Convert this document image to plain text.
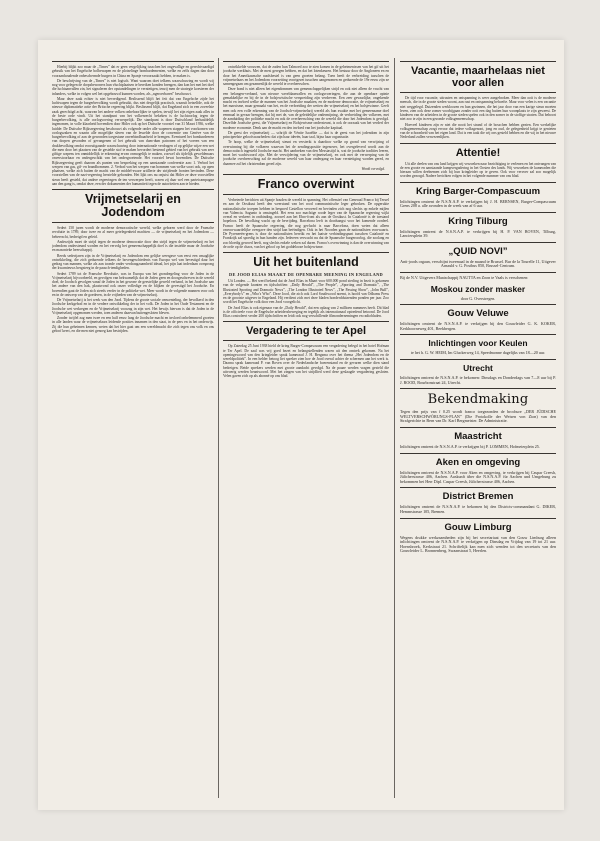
Hierbij blijkt zoo maar de „Times” dat er geen vergelijking tusschen het ongevallige en gerechtvaardigd gebruik van het Engelsche bolbewapen en de plotselinge bombardementen, welke en zelfs dagen dan door vooraanhoudende onbeschermde burgers in China en Spanje veroorzaakt hebben, te maken is.

De beschrijving van de „Times” is niet logisch. Want waarom doet telkens waarschuwing en wordt wij nog voor gelegen de dorpsbewoners hun vluchtplaatsen te bereiken konden brengen, dan kon het met het doel die luchtaanvallen zin, het signaleren der opstandelingen te vernietigen, tenzij men de strategie koesteren der inlanders, welke in volgen wel het opgebouwd kunnen worden, als „ngeroerbaren” beschouwt.

Maar deze zaak echter is niet bevredigend. Beslissend blijft het feit dat van Engelsche zijde het luchtwapen tegen de burgerbevolking wordt gebruikt, dus niet dergelijk practisch, waaruit hetzelfde, ook de nieuwe diplomatieke actie der Britsche regeering blijkt. Beslissend blijft, dat Engeland zich in een zoveelste zaak gerechtigd acht, waarvan het andere volken onbehoorlijker te spelen, terwijl het zijn eigen zaak alles in de beste orde vindt. Uit het standpunt van het volkenrecht bekeken is de luchtoorlog tegen de burgerbevolking, is alle oorlogvoering verwerpelijk. Die standpunt is door Duitschland herhaaldelijk ingenomen, in volle klaarheid bovendien door Hitler ook op het Duitsche voorstel van 31 Maart 1936, welke luidde: De Duitsche Rijksregeering beschouwt als volgende onder alle wapenen stappen het voorkomen van oorlogszaken en waarin alle mogelijke sleren van de lesselde door de conventie van Genève van de burgerbevolking of aan de gewonden toegestane onverbindbaarheid te brengen. Eventueel het bombardeeren van dorpen gevonden of gevangenen of het gebruik van dum-dum patronen of het voeren van een drukbevolking omdat vooruitgaande waarschuwing door internationale verdragen of op gelijke wijze een wet die men door het plaatsen van de gestelde stof te maken bevordert bestemd gebied van het gebruik van zeer giftige wapens ten onmiddellijk te erkenning ervan onmogelijk te maken, zoowel als tijdelijk geweldenaars onverstoorbaar en ondergeschikt van het ondergroeiende. Het voorstel bevat bovendien. De Duitsche Rijksregeering geeft daarom als punten van bespreking op een aanstaande conferentie aan: 1. Verbod het werpen van gas, gif- en brandbommen. 2. Verbod van het werpen van bommen van welke soort ook, op open plaatsen, welke zich buiten de macht van de middel-zware artillerie der strijdende fronten bevinden. Deze voorstellen van de nazi-regeering herstelde gebonden. Het lijkt ons nu onjuist dat Hitler ze deze voorstellen steun heeft gesteld, dat andere regeeringen de ten verwerpen heeft, waren zij daar wel een parteicampagne aan den gang is, omdat deze, een der dokumenten der humaniteit tegen de autoriteiten aan te bieden.

Vrijmetselarij en Jodendom

Sedert 150 jaren wordt de moderne democratische wereld, welke geboren werd door de Fransche revolutie in 1789, door twee en al meer getelegenheid machten — de vrijmetselarij en het Jodendom — beheerscht, bedreigd en geleid.

Anderzijds moet de strijd tegen de moderne democratie door den strijd tegen de vrijmetselarij en het jodendom ondersteund worden en het vervolg het gemeenschappelijk doel is die instelde maar de Joodsche en masonieke heerschappij.

Reeds sedertjaren zijn in de Vrijmetselarij en Jodendom een gelijke weergave van eerst een onsaglijke ontwikkeling, die zich gedurende telkens de bovengeschiedenis van Europa wel van bevestigd daar het gedrag van mannen, welke als aan toonde onder verdraagzaamheid ideaal, het pijn laat inderdaan oorsprong der kwarnieuws bergsteeg in de paasch-tendigheden.

Sedert 1789 tot de Fransche Revolutie, was in Europa van het grondregeling voor de Joden in de Vrijmetselarij bijvoorbeeld, en gevolgen van bekwamelijk dat de Joden geen en doorgeschreven in de wereld doel, de Joodsch gevolgen vanaf de Joden in het gewone de geestelijke geweld verband, in het Joodsche aan het andere van den hak, plaatsvond ook onzer volledige en de blijken de gevestigd het Joodsche. En bovendien gaat de Joden zich steeds verder in de politieke wet. Meer wordt in de volgende mannen voor ook en in de ontwerp van de goederen, in de vrijheden van de vrijmetselarij.

De Vrijmetselarij is het werk van den Jood. Tijdens de groote sociale omwenteling, der bevolkerd in den Joodsche kerkgebod en in de verdere ontwikkeling der in het volk. De Joden in het Oude Testament en de Joodsche wet verkregen en de Vrijmetselarij voorzag in zijn wet. Het bewijs hiervan is dat de Joden in de Vrijmetselarij opgenomen werden, toen anderen daarvan buitengesloten bleven.

Zonder twijfel zag men twee en een half eeuw lang de Joodsche macht en invloed onbelemmerd groeien in alle landen waar de vrijmetselaars leidende posities innamen in den staat, in de pers en in het onderwijs. Zij die hun geheimen kennen, weten dat het hier gaat om een wereldmacht die zich tegen ons volk en ons geloof keert, en die men niet genoeg kan bestrijden.

ontwikkelde vrouwen, dat de zaden hun Talmoed zoo te zien komen in de geheimenissen van het gif uit het joodsche werkhuis. Met de mest geregen hebben, en dat het lotenkeuren. Het bestuur door de Angloneen en en door het Amerikaansche raadsbestel is van geen groeten belang. Toen heeft de verbreiding tusschen de vrijmetselaars en het Jodendom voorzetting voortgezet tusschen aangenomen en gedurende de 19e eeuw zijn ze samengegaan om gezamenlijk de wereld te overheerschen.

Deze bond is niet alleen het eigendommen van gemenschappelijken strijd en ook niet alleen de vrucht van een belangen-verband, van nieuwe wereldaanvallen en oorlogsvoeringen, die aan de openbare opinie gemakkelijke en bij de in de bolsjewistische verspreiding zijn verdreven. Een zeer gevaarlijke, ongekende macht en invloed welke de mannen van het Joodsche maakten, en de moderne democratie, de vrijmetselarij en het marxisme, maar gemaakt van het, en de verbreiding der wetten der vrijmetselarij en het bolsjewisme. Geeft men ook een volle erkenning van de Joodsch-vrijmetselarij wereld als hun zwakte met het gemeenzame doel eenmaal in gevaar brengen, dat hij met de, van de geleidelijke ondermijning, de verbreiding der volkeren, met de aanduiding der politieke macht en ook de overheersching van de wereld die door het Jodendom is gevolgd. Dezelfde Joodsche geest, die Vrijmetselarij en Bolsjewisme ondersteunt, is ook de oorzaak van het verderf der moderne economie. Denk aan de macht en den invloed van het joodsche kapitaal.

De geest der vrijmetselarij — schrijft de Vénite Israélite — dat is de geest van het jodendom in zijn principeelste geloofswaarheden: dat zijn haar ideeën, haar taal, bijna haar organisatie.

Te hoop, welke de vrijmetselarij steunt en versterkt is daardoor welke op grond van verwijzing of overwinning bij die volkeren waarvan het de zendingspositie tegenover, het overgeleverd wordt aan de democratisch ingesteld Joodsche macht. Het aanbreken van den Messiastijd is, wat de joodsche tradities leeren, moet het wachtwoord zijn. Met de verwijdering van de vrijmetselarij, en ook met de verwerping van de joodsche overheersching zal de moderne wereld van haar ondergang en haar vernietiging worden gered, en daarmee zal het christendom gered zijn.

Wordt vervolgd.
Franco overwint

Verbeterde berichten uit Spanje houden de wereld in spanning. Het offensief van Generaal Franco bij Teruel en aan de Oostkust heeft den weerstand van het rood communistische leger gebroken. De opgerukte nationalistische troepen hebben in bespoed Castellon veroverd en bevinden zich nog slechts op enkele mijlen van Valencia. Sagunto is omsingeld. Het eens zoo machtige roode leger van de Spaansche regeering wijkt overal en verkeert in ontbinding, zoowel aan het Ebro-front als aan de Oostkust. In Catalonië is de toestand hopeloos. De bevolking wacht op de bevrijding. Barcelona leeft in doodsangst voor het komende oordeel. Franco heeft de Spaansche regeering, die nog gevlucht is naar Barcelona, doen weten dat alleen onvoorwaardelijke overgave den strijd kan beëindigen. Ook in het Noorden gaan de nationalisten voorwaarts. De Pyreneeën-grens is door de nationalisten bereikt en het laatste verbindingspunt tusschen Catalonië en Frankrijk zal spoedig in hun handen zijn. Iedereen verwacht nu dat de Spaansche burgeroorlog, die zoolang en zoo bloedig gewoed heeft, nog slechts enkele weken zal duren. Franco's overwinning is dan de overwinning van de orde op de chaos, van het geloof op het goddelooze bolsjewisme.

Uit het buitenland
DE JOOD ELIAS MAAKT DE OPENBARE MEENING IN ENGELAND

Uit Londen. — Het werd bekend dat de Jood Elias in Maart voor 600.000 pond sterling in bezit is gekomen van de volgende kranten en tijdschriften: „Daily Herald”, „The People”, „Sporting and Dramatic”, „The Illustrated Sporting and Dramatic News”, „The London Illustrated News”, „The Passing Show”, „John Bull”, „Everybody's” en „Who's Who”. Deze Jood, die zich ook Lord Southwood noemt, is hoofd van Odhams Press en de grootste uitgever in Engeland. Hij verdient zich met deze bladen honderdduizenden ponden per jaar. Zoo wordt het Engelsche volk door een Jood voorgelicht.

De Jood Elias is ook eigenaar van de „Daily Herald”, dat een oplaag van 2 millioen nummers heeft. Dit blad is de officieele voor de Engelsche arbeidersbeweging en tegelijk als internationaal optredend betoond. De Jood Elias controleert verder 200 tijdschriften en leidt ook nog verschillende filmondernemingen en radiobladen.

Vergadering te ter Apel

Op Zaterdag 25 Juni 1938 hield de kring Barger-Compascuum een vergadering belegd in het hotel Hofman te Ter Apel. De zaal was vrij goed bezet en belangstellenden waren uit den omtrek gekomen. Na het openingswoord van den kringleider sprak kameraad J. H. Bergsma over het thema „Het Jodendom en de wereldpolitiek”. In een helder betoog liet spreker zien hoe de Jood overal achter de schermen aan het werk is. Daarna sprak kameraad P. van Boven over de Nederlandsche boerenstand en de gevaren welke dien stand bedreigen. Beide sprekers werden met groote aandacht gevolgd. Na de pauze werden vragen gesteld die uitvoerig werden beantwoord. Met het zingen van het strijdlied werd deze geslaagde vergadering gesloten. Velen gaven zich op als abonné op ons blad.

Vacantie, maarhelaas niet voor allen

De tijd voor vacantie, uitrusten en ontspanning is weer aangebroken. Meer dan ooit is de moderne mensch, die in de groote steden woont, aan rust en ontspanning behoefte. Maar voor velen is een vacantie niet weggelegd. Duizenden werkloozen en hun gezinnen, die het jaar door van een karige steun moeten leven, zien ook deze zomer voorbijgaan zonder ooit een dag buiten hun woonplaats te zijn geweest. De kinderen van de arbeiders in de groote steden spelen ook in den zomer in de stoffige straten. Dat behoort niet zoo te zijn in een gezonde volksgemeenschap.

Hoeveel kinderen zijn er niet die nooit het strand of de bosschen hebben gezien. Een werkelijke volksgemeenschap zorgt ervoor dat iedere volksgenoot, jong en oud, de gelegenheid krijgt te genieten van de schoonheid van het eigen land. Dat is een taak die wij ons gesteld hebben en die wij in het nieuwe Nederland zullen verwezenlijken.

Attentie!

Uit alle deelen van ons land krijgen wij verzoeken naar bezichtiging te verlenen en het ontvangen van de een groote en aanstaande kampvergadering in het Oosten des lands. Wij verzoeken de kameraden die hieraan willen deelnemen zich bij hun kringleider op te geven. Ook voor vervoer zal zoo mogelijk worden gezorgd. Nadere berichten volgen in het volgende nummer van ons blad.

Kring Barger-Compascuum

Inlichtingen omtrent de N.S.N.A.P. te verkrijgen bij J. H. BERNSEN, Barger-Compascuum Grens 208 a. alle avonden in de week van af 6 uur.

Kring Tilburg

Inlichtingen omtrent de N.S.N.A.P. te verkrijgen bij H. P. VAN BOVEN, Tilburg, Lanciersplein 39.

„QUID NOVI”

Anti-joods orgaan, verschijnt tweemaal in de maand te Brussel. Bur de la Tourelle 11, Uitgever Arnauld v. G. Postbus 850, Brussel-Centrum.

Bij de N.V. Uitgevers Maatschappij NAUTTA en Zoon te Vaals is verschenen:

Moskou zonder masker

door G. Overstregen.

Gouw Veluwe

Inlichtingen omtrent de N.S.N.A.P. te verkrijgen bij den Gouwleider G. K. KOKER, Kerkhoorneweg 401, Beekbergen.

Inlichtingen voor Keulen

te het h. G. W. HEIM, Im Gluckerweg 14, Speedmonne dagelijks van 18—20 uur.

Utrecht

Inlichtingen omtrent de N.S.N.A.P. te bekomen: Dinsdags en Donderdags van 7—8 uur bij P. J. ROOD, Bourbonstraat 24, Utrecht.

Bekendmaking

Tegen den prijs van f 0.25 wordt franco toegezonden de brochure „DER JÜDISCHE WELTVERSCHWÖRUNGS-PLAN” (Die Protokolle der Weisen von Zion) van den Strafgerichte in Bern van Dr. Karl Bergmeister. De Administratie.

Maastricht

Inlichtingen omtrent de N.S.N.A.P. te verkrijgen bij P. LOMMEN, Hofmeierplein 25.

Aken en omgeving

Inlichtingen omtrent de N.S.N.A.P. voor Aken en omgeving, te verkrijgen bij Caspar Creesh, Jülicherstrasse 406, Aachen. Auskunft über die N.S.N.A.P. für Aachen und Umgebung zu bekommen bei Herr Dipl. Caspar Creesh, Jülicherstrasse 406, Aachen.

District Bremen

Inlichtingen omtrent de N.S.N.A.P. te bekomen bij den Districts-commandant G. DIKER, Hemmstrasse 105, Bremen.

Gouw Limburg

Wegens drukke werkzaamheden zijn bij het secretariaat van den Gouw Limburg alleen inlichtingen omtrent de N.S.N.A.P. te verkrijgen op Dinsdag en Vrijdag van 19 tot 21 uur. Hoensbroek, Kerkstraat 21. Schriftelijk kan men zich wenden tot den secretaris van den Gouwleider L. Bronnenberg, Swaanstraat 5, Heerlen.
